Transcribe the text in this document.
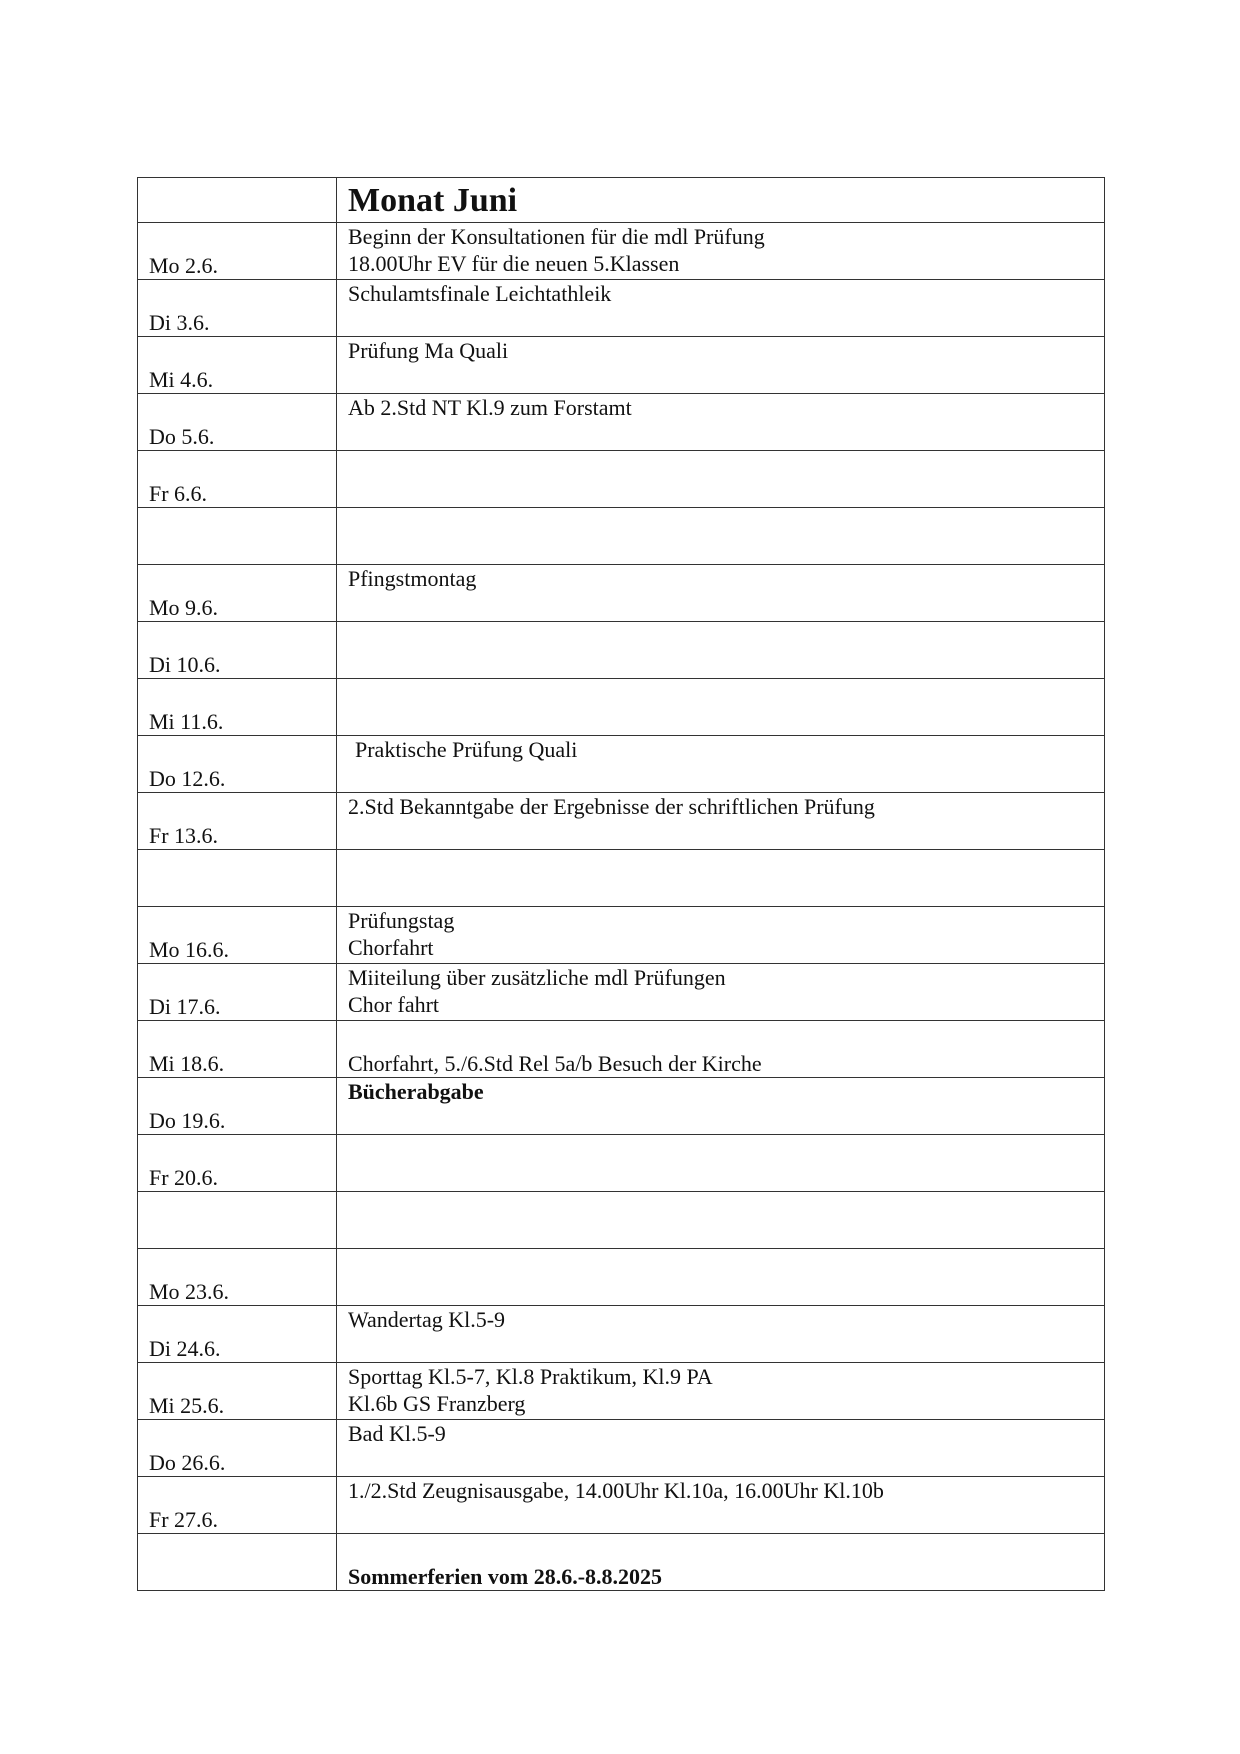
	Monat Juni

Mo 2.6.	Beginn der Konsultationen für die mdl Prüfung
18.00Uhr EV für die neuen 5.Klassen

Di 3.6.	Schulamtsfinale Leichtathleik

Mi 4.6.	Prüfung Ma Quali

Do 5.6.	Ab 2.Std NT Kl.9 zum Forstamt

Fr 6.6.	

Mo 9.6.	Pfingstmontag

Di 10.6.	

Mi 11.6.	

Do 12.6.	Praktische Prüfung Quali

Fr 13.6.	2.Std Bekanntgabe der Ergebnisse der schriftlichen Prüfung

Mo 16.6.	Prüfungstag
Chorfahrt

Di 17.6.	Miiteilung über zusätzliche mdl Prüfungen
Chor fahrt

Mi 18.6.	Chorfahrt, 5./6.Std Rel 5a/b Besuch der Kirche

Do 19.6.	Bücherabgabe

Fr 20.6.	

Mo 23.6.	

Di 24.6.	Wandertag Kl.5-9

Mi 25.6.	Sporttag Kl.5-7, Kl.8 Praktikum, Kl.9 PA
Kl.6b GS Franzberg

Do 26.6.	Bad Kl.5-9

Fr 27.6.	1./2.Std Zeugnisausgabe, 14.00Uhr Kl.10a, 16.00Uhr Kl.10b

	Sommerferien vom 28.6.-8.8.2025
